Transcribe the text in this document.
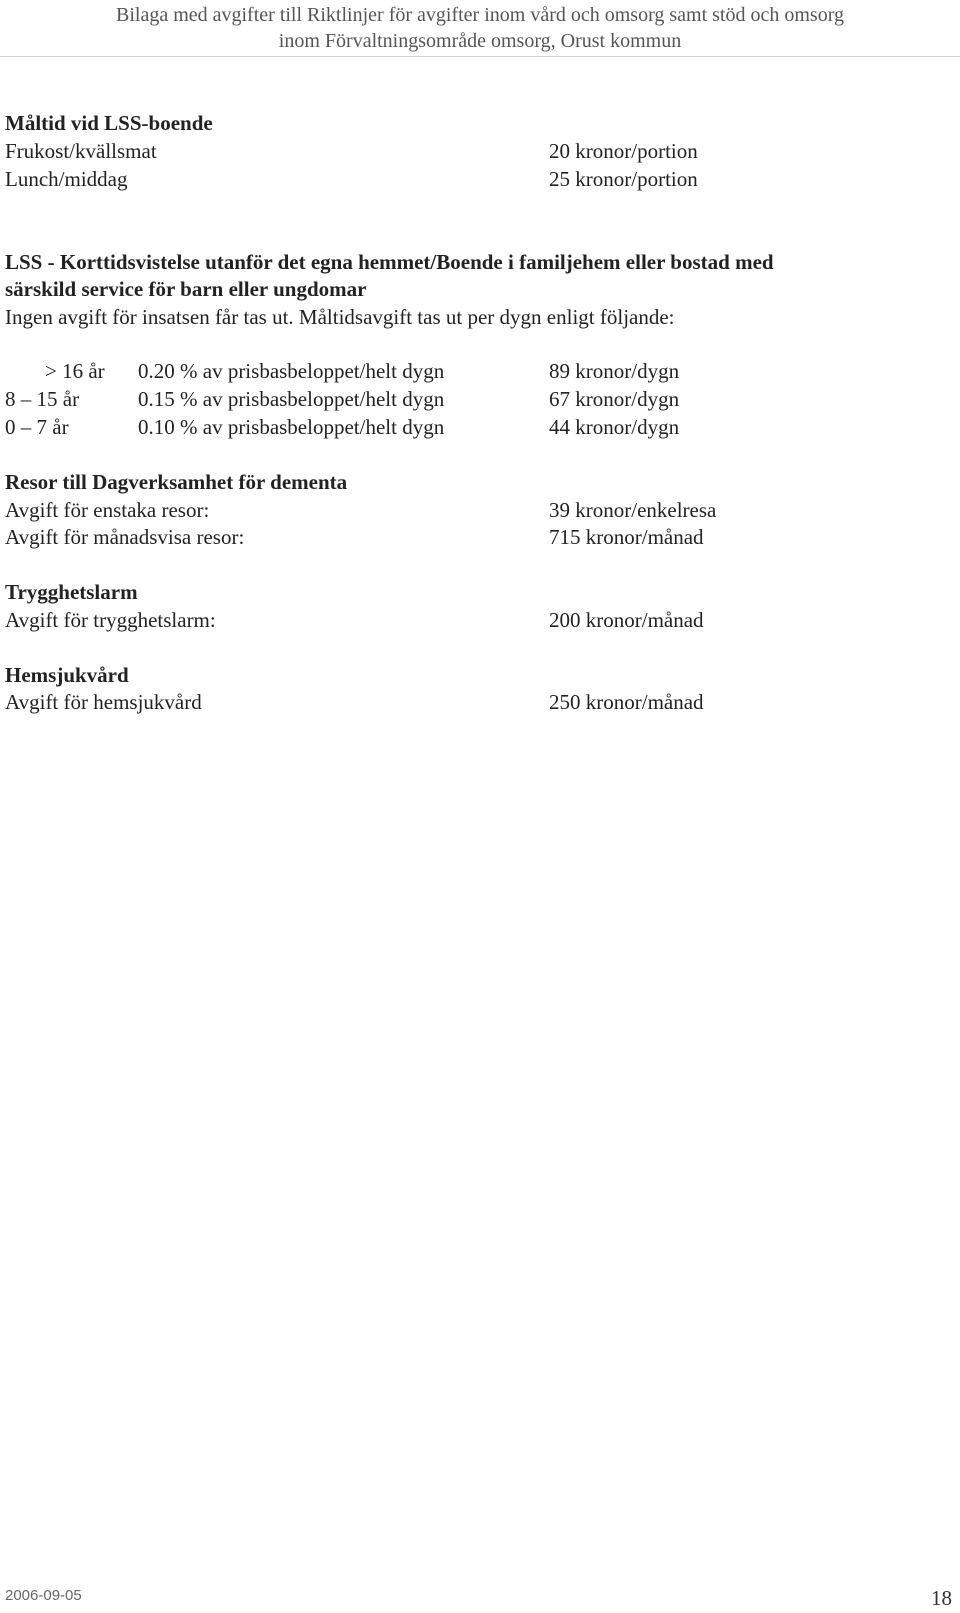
Bilaga med avgifter till Riktlinjer för avgifter inom vård och omsorg samt stöd och omsorg
inom Förvaltningsområde omsorg, Orust kommun
Måltid vid LSS-boende
Frukost/kvällsmat	20 kronor/portion
Lunch/middag	25 kronor/portion
LSS - Korttidsvistelse utanför det egna hemmet/Boende i familjehem eller bostad med
särskild service för barn eller ungdomar
Ingen avgift för insatsen får tas ut. Måltidsavgift tas ut per dygn enligt följande:
> 16 år 0.20 % av prisbasbeloppet/helt dygn	89 kronor/dygn
8 – 15 år	0.15 % av prisbasbeloppet/helt dygn	67 kronor/dygn
0 – 7 år	0.10 % av prisbasbeloppet/helt dygn	44 kronor/dygn
Resor till Dagverksamhet för dementa
Avgift för enstaka resor:	39 kronor/enkelresa
Avgift för månadsvisa resor:	715 kronor/månad
Trygghetslarm
Avgift för trygghetslarm:	200 kronor/månad
Hemsjukvård
Avgift för hemsjukvård	250 kronor/månad
2006-09-05	18
